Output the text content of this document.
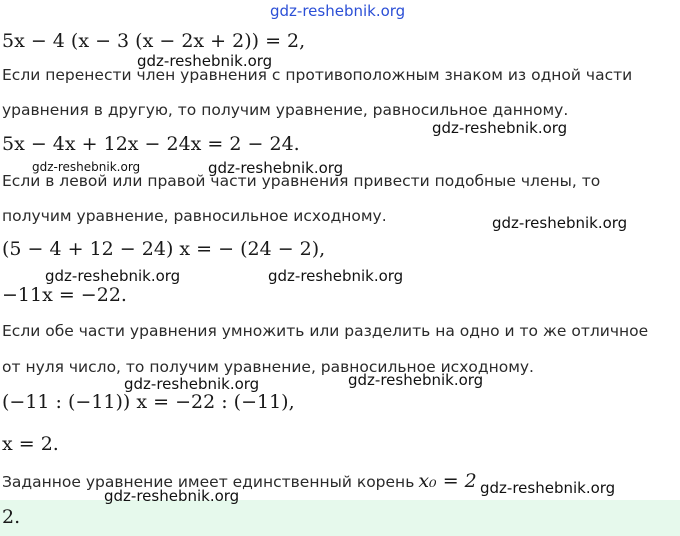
5x − 4 (x − 3 (x − 2x + 2)) = 2,

Если перенести член уравнения с противоположным знаком из одной части

уравнения в другую, то получим уравнение, равносильное данному.

5x − 4x + 12x − 24x = 2 − 24.

Если в левой или правой части уравнения привести подобные члены, то

получим уравнение, равносильное исходному.

(5 − 4 + 12 − 24) x = − (24 − 2),

−11x = −22.

Если обе части уравнения умножить или разделить на одно и то же отличное

от нуля число, то получим уравнение, равносильное исходному.

(−11 : (−11)) x = −22 : (−11),

x = 2.

Заданное уравнение имеет единственный корень x₀ = 2

2.

gdz-reshebnik.org
gdz-reshebnik.org
gdz-reshebnik.org
gdz-reshebnik.org	gdz-reshebnik.org
gdz-reshebnik.org
gdz-reshebnik.org	gdz-reshebnik.org
gdz-reshebnik.org	gdz-reshebnik.org
gdz-reshebnik.org
gdz-reshebnik.org
